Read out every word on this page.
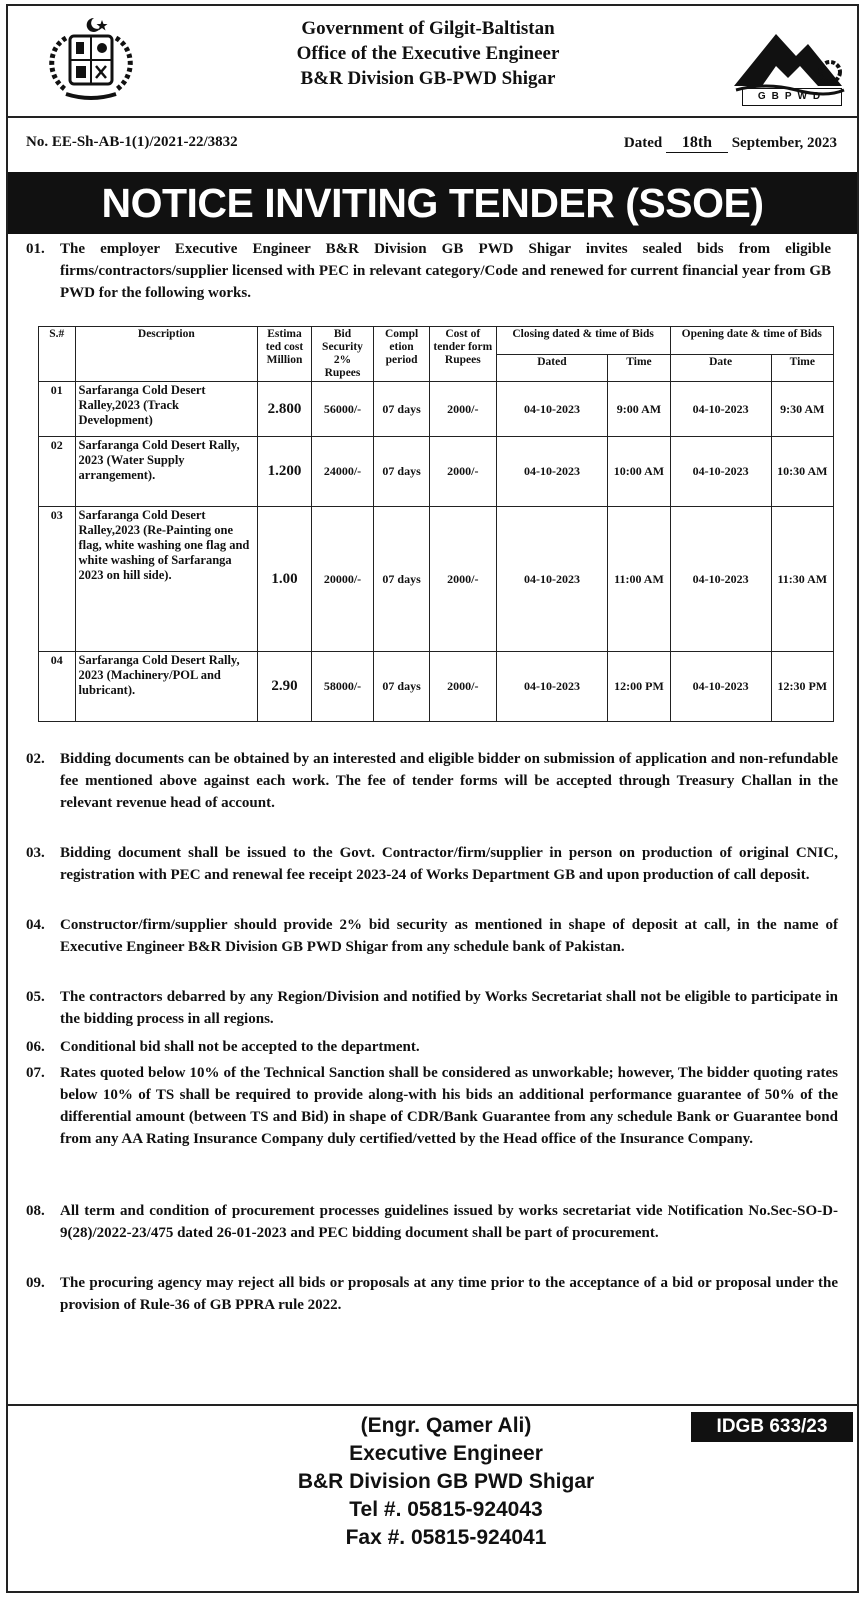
Government of Gilgit-Baltistan
Office of the Executive Engineer
B&R Division GB-PWD Shigar
GBPWD
No. EE-Sh-AB-1(1)/2021-22/3832	Dated 18th September, 2023
NOTICE INVITING TENDER (SSOE)
01. The employer Executive Engineer B&R Division GB PWD Shigar invites sealed bids from eligible firms/contractors/supplier licensed with PEC in relevant category/Code and renewed for current financial year from GB PWD for the following works.
S.#	Description	Estima ted cost Million	Bid Security 2% Rupees	Compl etion period	Cost of tender form Rupees	Closing dated & time of Bids		Opening date & time of Bids	
						Dated	Time	Date	Time
01	Sarfaranga Cold Desert Ralley,2023 (Track Development)	2.800	56000/-	07 days	2000/-	04-10-2023	9:00 AM	04-10-2023	9:30 AM
02	Sarfaranga Cold Desert Rally, 2023 (Water Supply arrangement).	1.200	24000/-	07 days	2000/-	04-10-2023	10:00 AM	04-10-2023	10:30 AM
03	Sarfaranga Cold Desert Ralley,2023 (Re-Painting one flag, white washing one flag and white washing of Sarfaranga 2023 on hill side).	1.00	20000/-	07 days	2000/-	04-10-2023	11:00 AM	04-10-2023	11:30 AM
04	Sarfaranga Cold Desert Rally, 2023 (Machinery/POL and lubricant).	2.90	58000/-	07 days	2000/-	04-10-2023	12:00 PM	04-10-2023	12:30 PM
02. Bidding documents can be obtained by an interested and eligible bidder on submission of application and non-refundable fee mentioned above against each work. The fee of tender forms will be accepted through Treasury Challan in the relevant revenue head of account.
03. Bidding document shall be issued to the Govt. Contractor/firm/supplier in person on production of original CNIC, registration with PEC and renewal fee receipt 2023-24 of Works Department GB and upon production of call deposit.
04. Constructor/firm/supplier should provide 2% bid security as mentioned in shape of deposit at call, in the name of Executive Engineer B&R Division GB PWD Shigar from any schedule bank of Pakistan.
05. The contractors debarred by any Region/Division and notified by Works Secretariat shall not be eligible to participate in the bidding process in all regions.
06. Conditional bid shall not be accepted to the department.
07. Rates quoted below 10% of the Technical Sanction shall be considered as unworkable; however, The bidder quoting rates below 10% of TS shall be required to provide along-with his bids an additional performance guarantee of 50% of the differential amount (between TS and Bid) in shape of CDR/Bank Guarantee from any schedule Bank or Guarantee bond from any AA Rating Insurance Company duly certified/vetted by the Head office of the Insurance Company.
08. All term and condition of procurement processes guidelines issued by works secretariat vide Notification No.Sec-SO-D-9(28)/2022-23/475 dated 26-01-2023 and PEC bidding document shall be part of procurement.
09. The procuring agency may reject all bids or proposals at any time prior to the acceptance of a bid or proposal under the provision of Rule-36 of GB PPRA rule 2022.
(Engr. Qamer Ali)
Executive Engineer
B&R Division GB PWD Shigar
Tel #. 05815-924043
Fax #. 05815-924041
IDGB 633/23
